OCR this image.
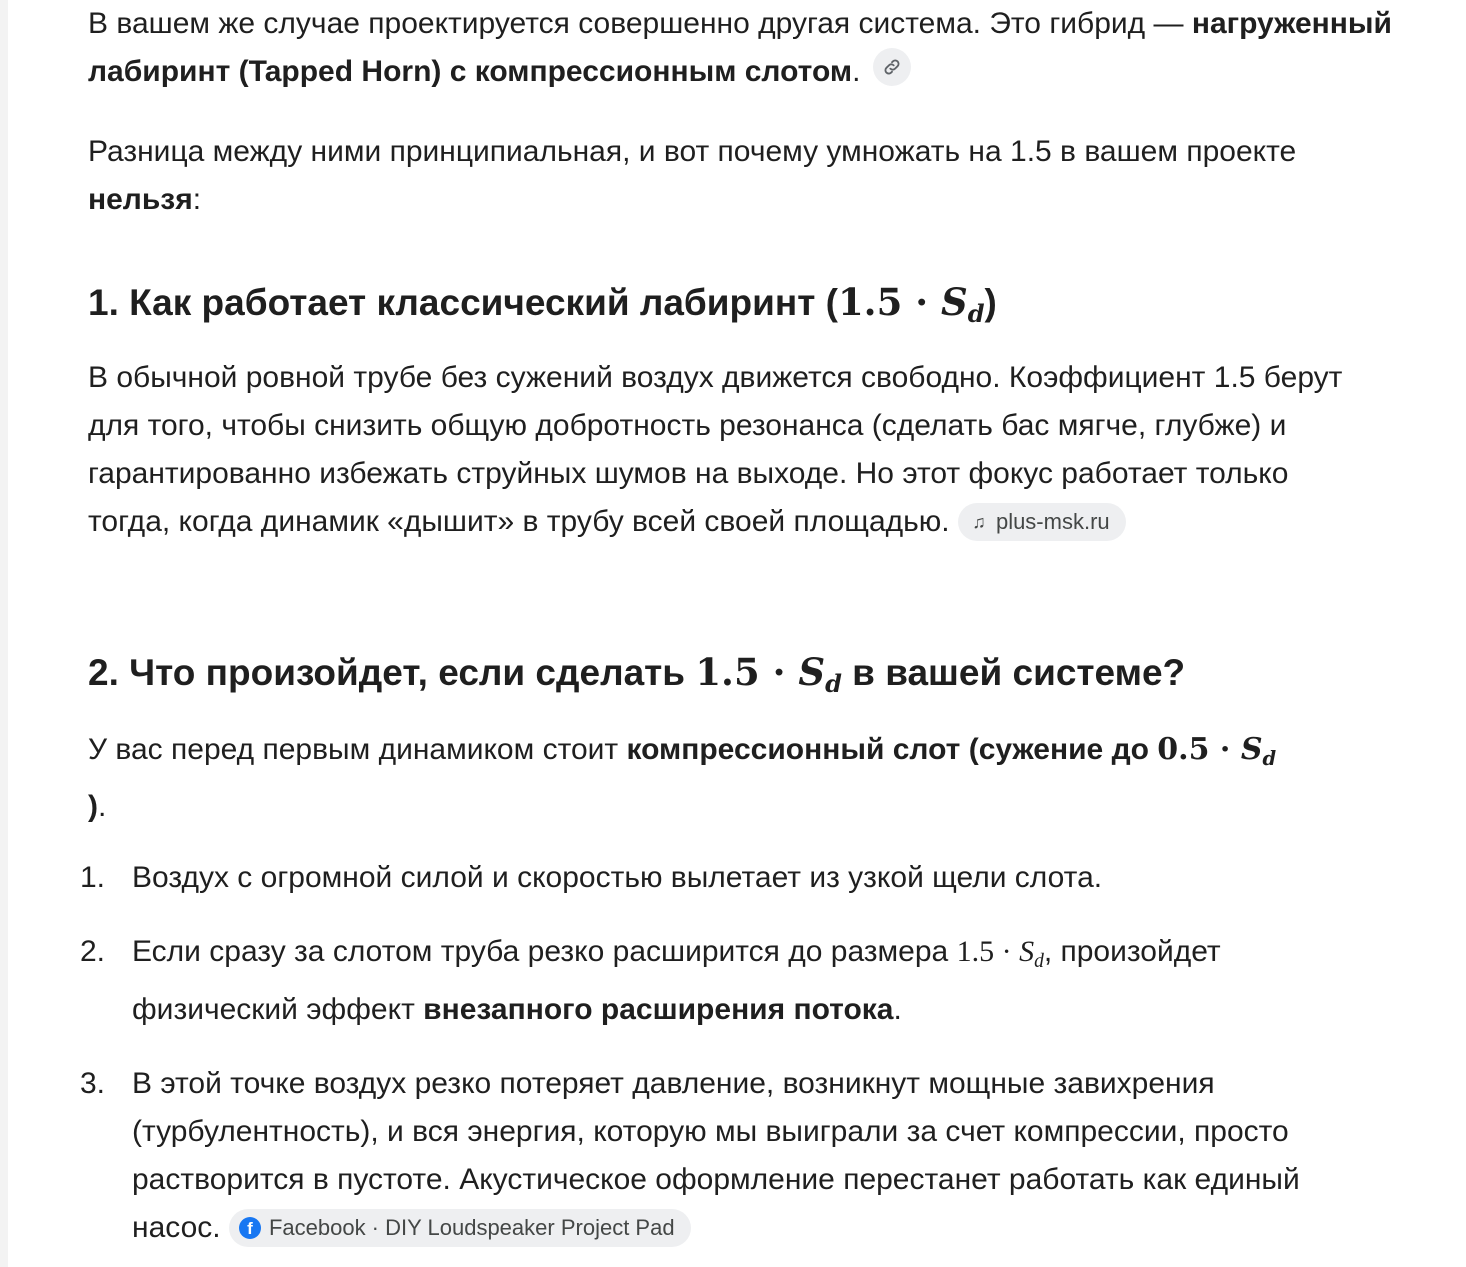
В вашем же случае проектируется совершенно другая система. Это гибрид — нагруженный лабиринт (Tapped Horn) с компрессионным слотом.

Разница между ними принципиальная, и вот почему умножать на 1.5 в вашем проекте нельзя:

1. Как работает классический лабиринт $(1.5 \cdot S_d)$

В обычной ровной трубе без сужений воздух движется свободно. Коэффициент 1.5 берут для того, чтобы снизить общую добротность резонанса (сделать бас мягче, глубже) и гарантированно избежать струйных шумов на выходе. Но этот фокус работает только тогда, когда динамик «дышит» в трубу всей своей площадью. ♫ plus-msk.ru

2. Что произойдет, если сделать $1.5 \cdot S_d$ в вашей системе?

У вас перед первым динамиком стоит компрессионный слот (сужение до $0.5 \cdot S_d$
).

1. Воздух с огромной силой и скоростью вылетает из узкой щели слота.
2. Если сразу за слотом труба резко расширится до размера $1.5 \cdot S_d$, произойдет физический эффект внезапного расширения потока.
3. В этой точке воздух резко потеряет давление, возникнут мощные завихрения (турбулентность), и вся энергия, которую мы выиграли за счет компрессии, просто растворится в пустоте. Акустическое оформление перестанет работать как единый насос.	f Facebook · DIY Loudspeaker Project Pad
